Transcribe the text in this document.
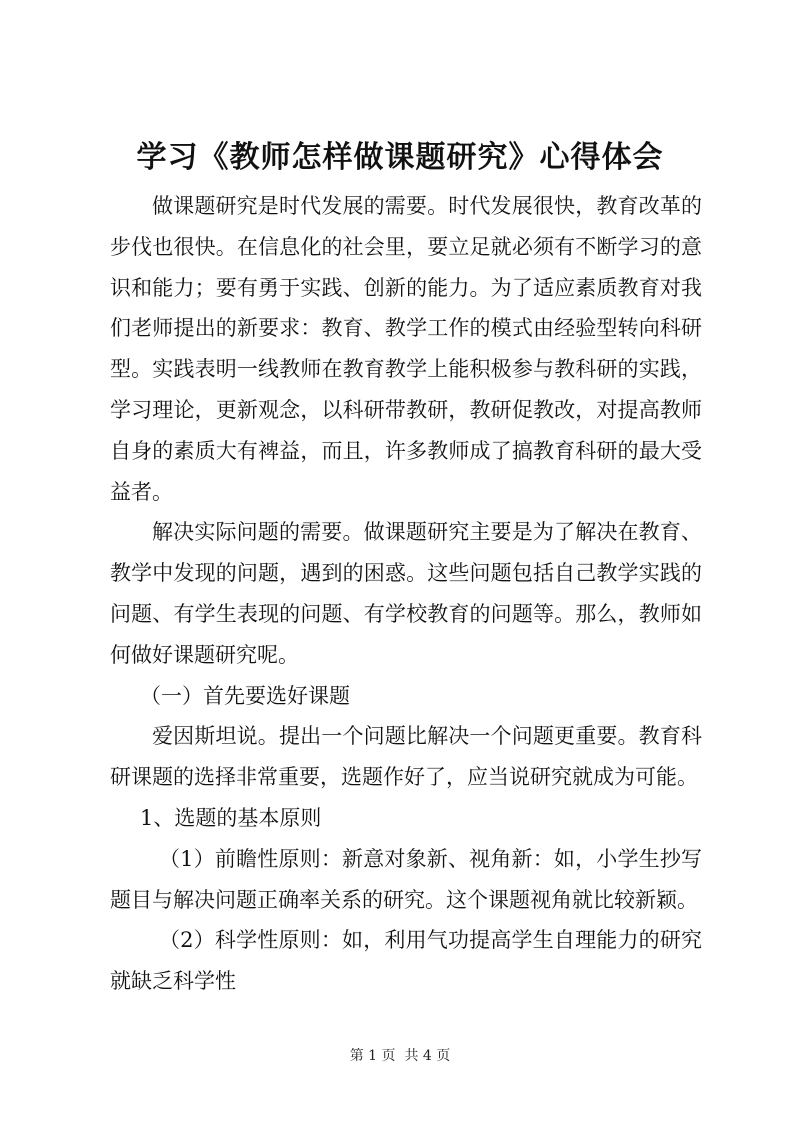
学习《教师怎样做课题研究》心得体会

做课题研究是时代发展的需要。时代发展很快，教育改革的步伐也很快。在信息化的社会里，要立足就必须有不断学习的意识和能力；要有勇于实践、创新的能力。为了适应素质教育对我们老师提出的新要求：教育、教学工作的模式由经验型转向科研型。实践表明一线教师在教育教学上能积极参与教科研的实践，学习理论，更新观念，以科研带教研，教研促教改，对提高教师自身的素质大有裨益，而且，许多教师成了搞教育科研的最大受益者。

解决实际问题的需要。做课题研究主要是为了解决在教育、教学中发现的问题，遇到的困惑。这些问题包括自己教学实践的问题、有学生表现的问题、有学校教育的问题等。那么，教师如何做好课题研究呢。

（一）首先要选好课题

爱因斯坦说。提出一个问题比解决一个问题更重要。教育科研课题的选择非常重要，选题作好了，应当说研究就成为可能。

1、选题的基本原则

（1）前瞻性原则：新意对象新、视角新：如，小学生抄写题目与解决问题正确率关系的研究。这个课题视角就比较新颖。

（2）科学性原则：如，利用气功提高学生自理能力的研究就缺乏科学性

第 1 页  共 4 页
